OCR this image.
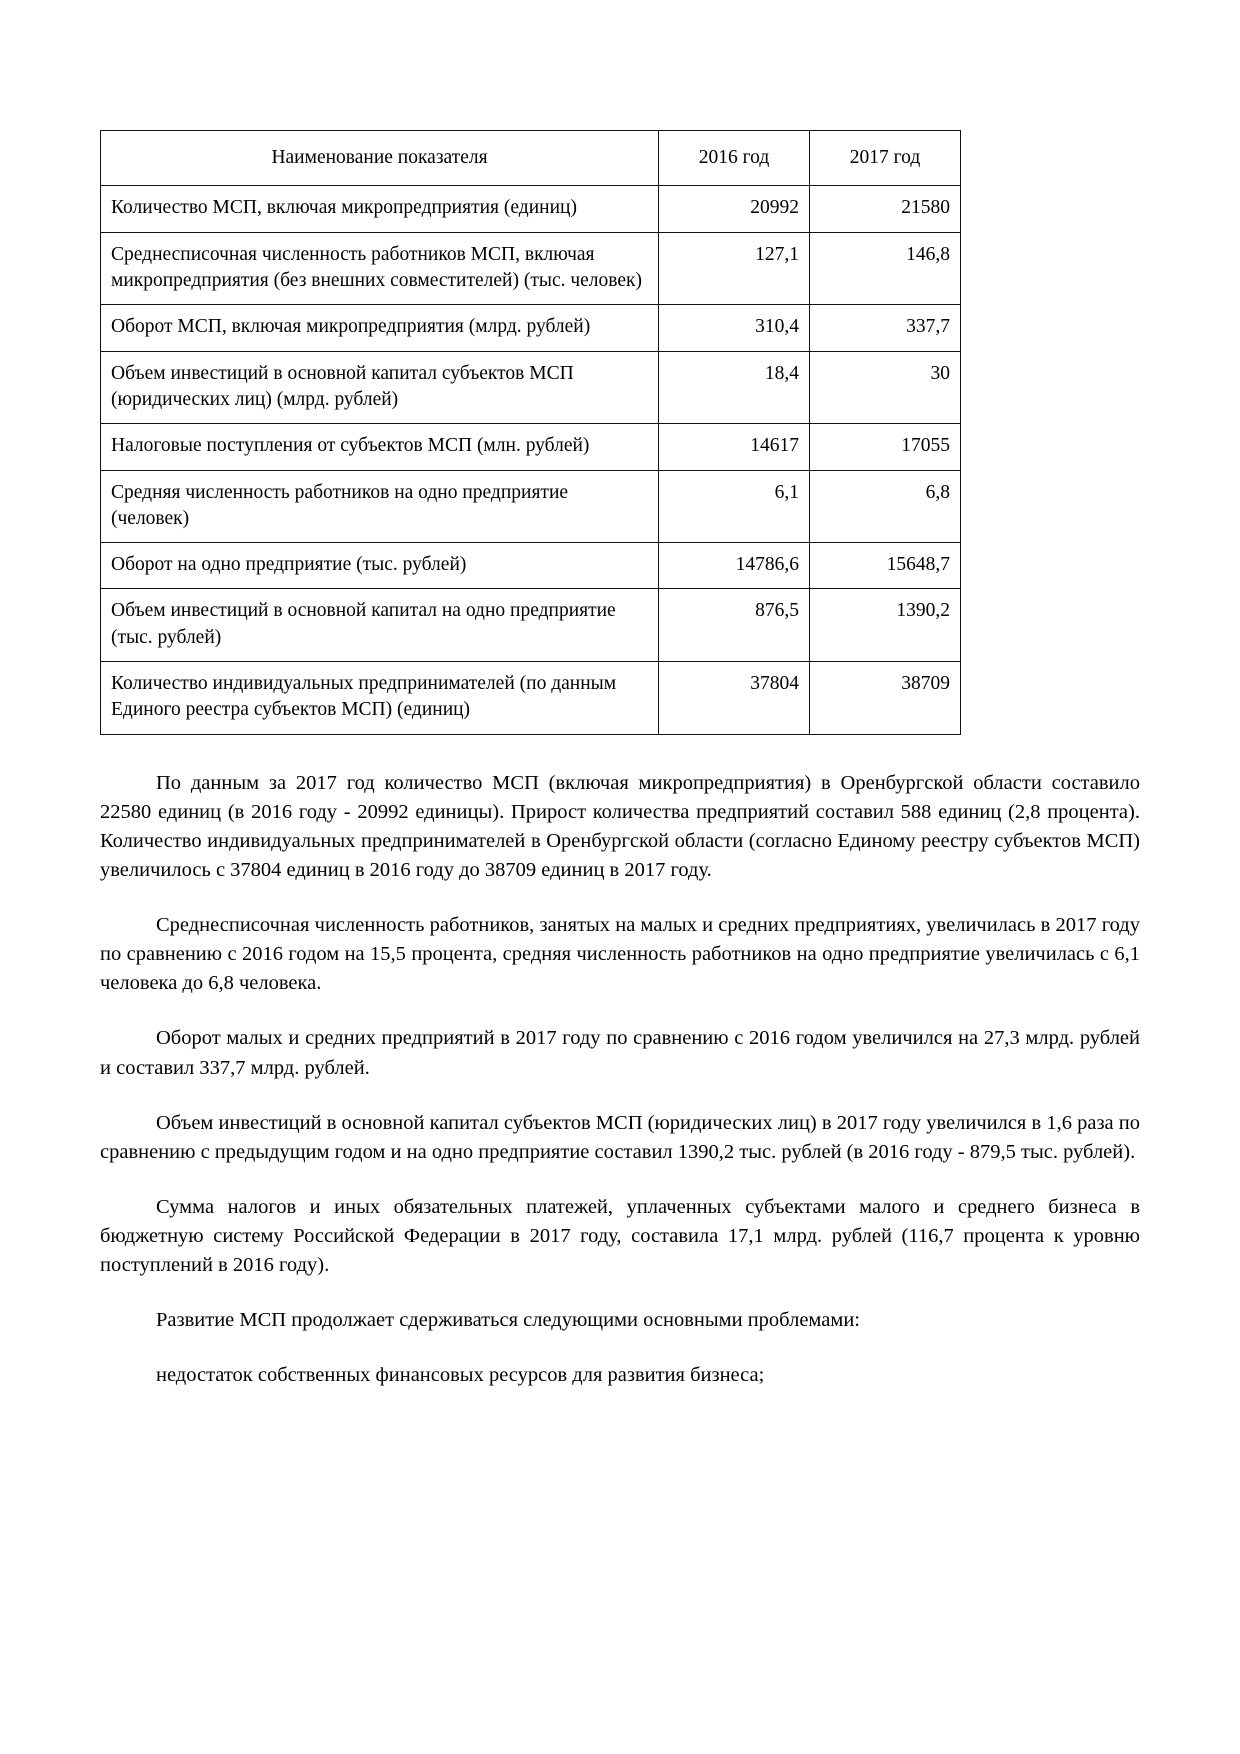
Наименование показателя	2016 год	2017 год
Количество МСП, включая микропредприятия (единиц)	20992	21580
Среднесписочная численность работников МСП, включая микропредприятия (без внешних совместителей) (тыс. человек)	127,1	146,8
Оборот МСП, включая микропредприятия (млрд. рублей)	310,4	337,7
Объем инвестиций в основной капитал субъектов МСП (юридических лиц) (млрд. рублей)	18,4	30
Налоговые поступления от субъектов МСП (млн. рублей)	14617	17055
Средняя численность работников на одно предприятие (человек)	6,1	6,8
Оборот на одно предприятие (тыс. рублей)	14786,6	15648,7
Объем инвестиций в основной капитал на одно предприятие (тыс. рублей)	876,5	1390,2
Количество индивидуальных предпринимателей (по данным Единого реестра субъектов МСП) (единиц)	37804	38709

По данным за 2017 год количество МСП (включая микропредприятия) в Оренбургской области составило 22580 единиц (в 2016 году - 20992 единицы). Прирост количества предприятий составил 588 единиц (2,8 процента). Количество индивидуальных предпринимателей в Оренбургской области (согласно Единому реестру субъектов МСП) увеличилось с 37804 единиц в 2016 году до 38709 единиц в 2017 году.

Среднесписочная численность работников, занятых на малых и средних предприятиях, увеличилась в 2017 году по сравнению с 2016 годом на 15,5 процента, средняя численность работников на одно предприятие увеличилась с 6,1 человека до 6,8 человека.

Оборот малых и средних предприятий в 2017 году по сравнению с 2016 годом увеличился на 27,3 млрд. рублей и составил 337,7 млрд. рублей.

Объем инвестиций в основной капитал субъектов МСП (юридических лиц) в 2017 году увеличился в 1,6 раза по сравнению с предыдущим годом и на одно предприятие составил 1390,2 тыс. рублей (в 2016 году - 879,5 тыс. рублей).

Сумма налогов и иных обязательных платежей, уплаченных субъектами малого и среднего бизнеса в бюджетную систему Российской Федерации в 2017 году, составила 17,1 млрд. рублей (116,7 процента к уровню поступлений в 2016 году).

Развитие МСП продолжает сдерживаться следующими основными проблемами:

недостаток собственных финансовых ресурсов для развития бизнеса;
